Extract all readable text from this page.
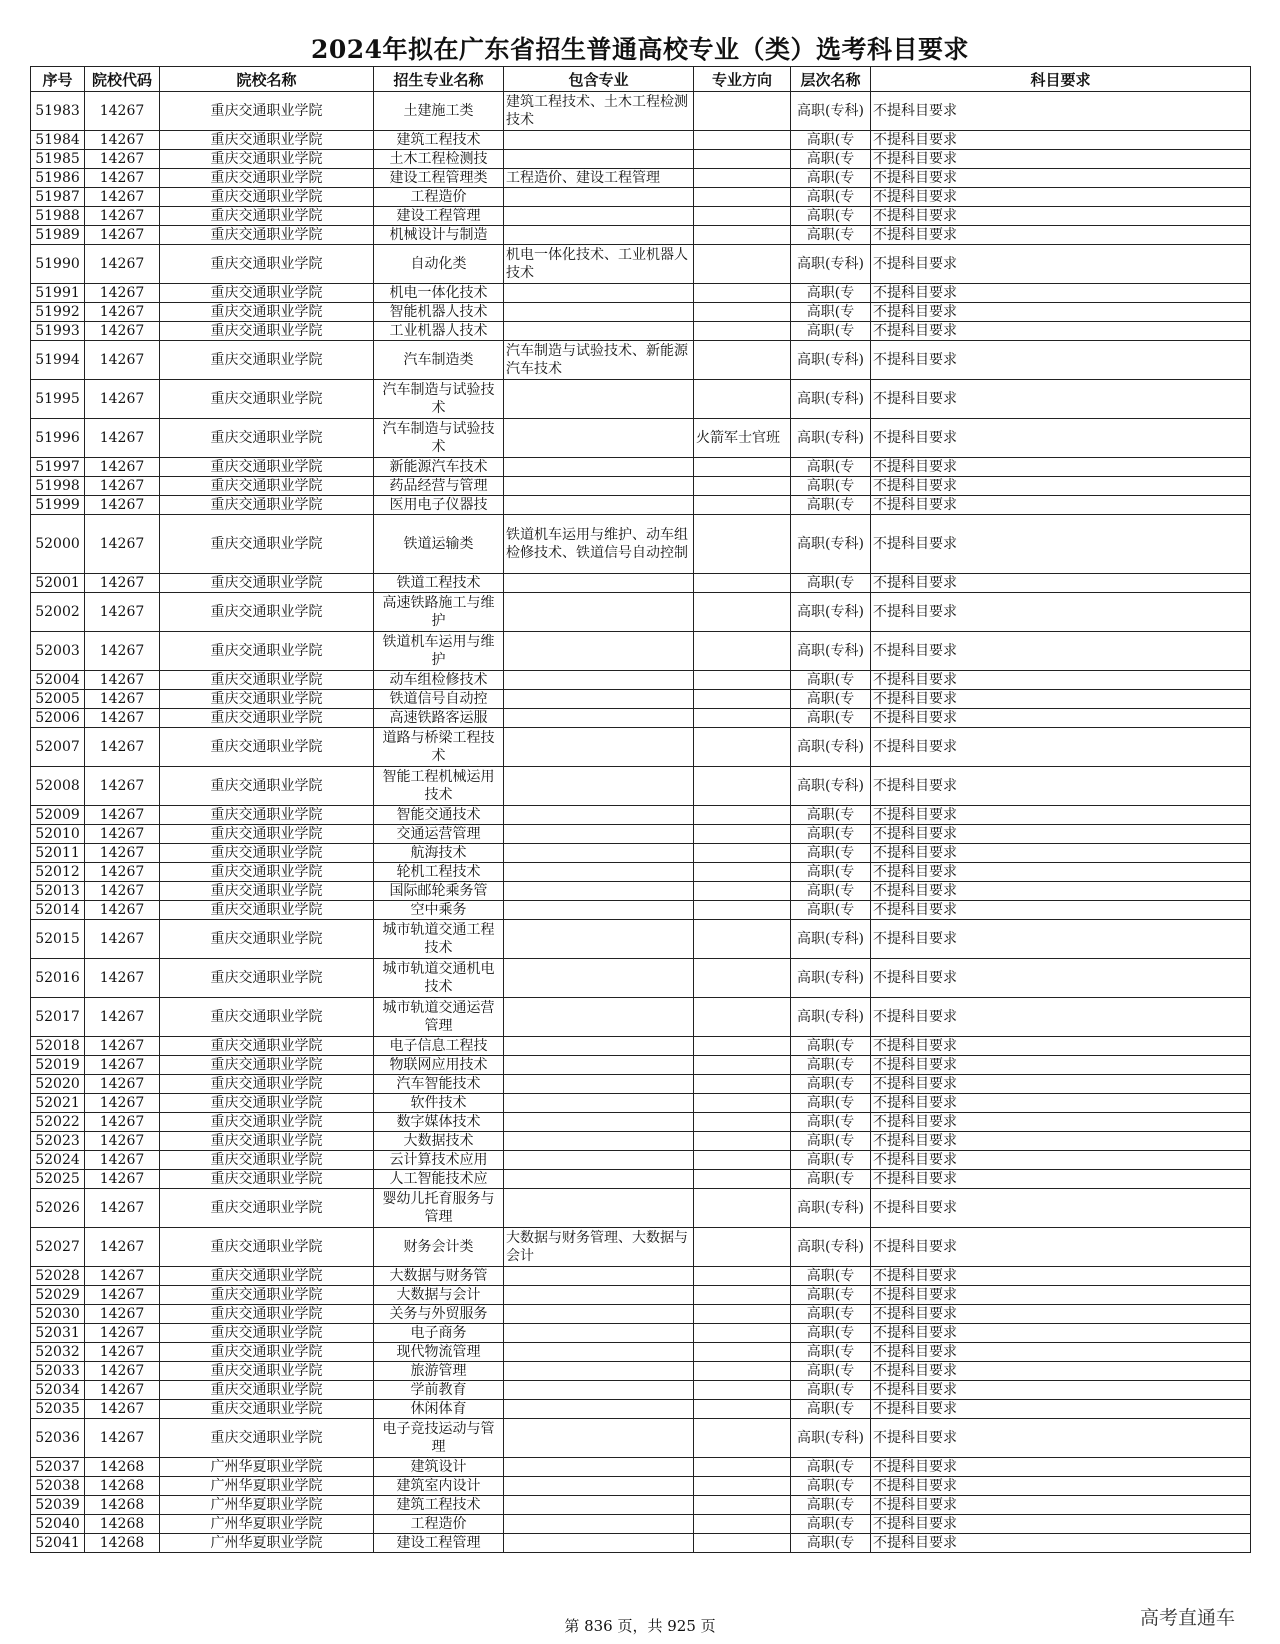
2024年拟在广东省招生普通高校专业（类）选考科目要求
序号	院校代码	院校名称	招生专业名称	包含专业	专业方向	层次名称	科目要求
51983	14267	重庆交通职业学院	土建施工类	建筑工程技术、土木工程检测技术		高职(专科)	不提科目要求
51984	14267	重庆交通职业学院	建筑工程技术			高职(专	不提科目要求
51985	14267	重庆交通职业学院	土木工程检测技			高职(专	不提科目要求
51986	14267	重庆交通职业学院	建设工程管理类	工程造价、建设工程管理		高职(专	不提科目要求
51987	14267	重庆交通职业学院	工程造价			高职(专	不提科目要求
51988	14267	重庆交通职业学院	建设工程管理			高职(专	不提科目要求
51989	14267	重庆交通职业学院	机械设计与制造			高职(专	不提科目要求
51990	14267	重庆交通职业学院	自动化类	机电一体化技术、工业机器人技术		高职(专科)	不提科目要求
51991	14267	重庆交通职业学院	机电一体化技术			高职(专	不提科目要求
51992	14267	重庆交通职业学院	智能机器人技术			高职(专	不提科目要求
51993	14267	重庆交通职业学院	工业机器人技术			高职(专	不提科目要求
51994	14267	重庆交通职业学院	汽车制造类	汽车制造与试验技术、新能源汽车技术		高职(专科)	不提科目要求
51995	14267	重庆交通职业学院	汽车制造与试验技术			高职(专科)	不提科目要求
51996	14267	重庆交通职业学院	汽车制造与试验技术		火箭军士官班	高职(专科)	不提科目要求
51997	14267	重庆交通职业学院	新能源汽车技术			高职(专	不提科目要求
51998	14267	重庆交通职业学院	药品经营与管理			高职(专	不提科目要求
51999	14267	重庆交通职业学院	医用电子仪器技			高职(专	不提科目要求
52000	14267	重庆交通职业学院	铁道运输类	铁道机车运用与维护、动车组检修技术、铁道信号自动控制		高职(专科)	不提科目要求
52001	14267	重庆交通职业学院	铁道工程技术			高职(专	不提科目要求
52002	14267	重庆交通职业学院	高速铁路施工与维护			高职(专科)	不提科目要求
52003	14267	重庆交通职业学院	铁道机车运用与维护			高职(专科)	不提科目要求
52004	14267	重庆交通职业学院	动车组检修技术			高职(专	不提科目要求
52005	14267	重庆交通职业学院	铁道信号自动控			高职(专	不提科目要求
52006	14267	重庆交通职业学院	高速铁路客运服			高职(专	不提科目要求
52007	14267	重庆交通职业学院	道路与桥梁工程技术			高职(专科)	不提科目要求
52008	14267	重庆交通职业学院	智能工程机械运用技术			高职(专科)	不提科目要求
52009	14267	重庆交通职业学院	智能交通技术			高职(专	不提科目要求
52010	14267	重庆交通职业学院	交通运营管理			高职(专	不提科目要求
52011	14267	重庆交通职业学院	航海技术			高职(专	不提科目要求
52012	14267	重庆交通职业学院	轮机工程技术			高职(专	不提科目要求
52013	14267	重庆交通职业学院	国际邮轮乘务管			高职(专	不提科目要求
52014	14267	重庆交通职业学院	空中乘务			高职(专	不提科目要求
52015	14267	重庆交通职业学院	城市轨道交通工程技术			高职(专科)	不提科目要求
52016	14267	重庆交通职业学院	城市轨道交通机电技术			高职(专科)	不提科目要求
52017	14267	重庆交通职业学院	城市轨道交通运营管理			高职(专科)	不提科目要求
52018	14267	重庆交通职业学院	电子信息工程技			高职(专	不提科目要求
52019	14267	重庆交通职业学院	物联网应用技术			高职(专	不提科目要求
52020	14267	重庆交通职业学院	汽车智能技术			高职(专	不提科目要求
52021	14267	重庆交通职业学院	软件技术			高职(专	不提科目要求
52022	14267	重庆交通职业学院	数字媒体技术			高职(专	不提科目要求
52023	14267	重庆交通职业学院	大数据技术			高职(专	不提科目要求
52024	14267	重庆交通职业学院	云计算技术应用			高职(专	不提科目要求
52025	14267	重庆交通职业学院	人工智能技术应			高职(专	不提科目要求
52026	14267	重庆交通职业学院	婴幼儿托育服务与管理			高职(专科)	不提科目要求
52027	14267	重庆交通职业学院	财务会计类	大数据与财务管理、大数据与会计		高职(专科)	不提科目要求
52028	14267	重庆交通职业学院	大数据与财务管			高职(专	不提科目要求
52029	14267	重庆交通职业学院	大数据与会计			高职(专	不提科目要求
52030	14267	重庆交通职业学院	关务与外贸服务			高职(专	不提科目要求
52031	14267	重庆交通职业学院	电子商务			高职(专	不提科目要求
52032	14267	重庆交通职业学院	现代物流管理			高职(专	不提科目要求
52033	14267	重庆交通职业学院	旅游管理			高职(专	不提科目要求
52034	14267	重庆交通职业学院	学前教育			高职(专	不提科目要求
52035	14267	重庆交通职业学院	休闲体育			高职(专	不提科目要求
52036	14267	重庆交通职业学院	电子竞技运动与管理			高职(专科)	不提科目要求
52037	14268	广州华夏职业学院	建筑设计			高职(专	不提科目要求
52038	14268	广州华夏职业学院	建筑室内设计			高职(专	不提科目要求
52039	14268	广州华夏职业学院	建筑工程技术			高职(专	不提科目要求
52040	14268	广州华夏职业学院	工程造价			高职(专	不提科目要求
52041	14268	广州华夏职业学院	建设工程管理			高职(专	不提科目要求
第 836 页，共 925 页	高考直通车
